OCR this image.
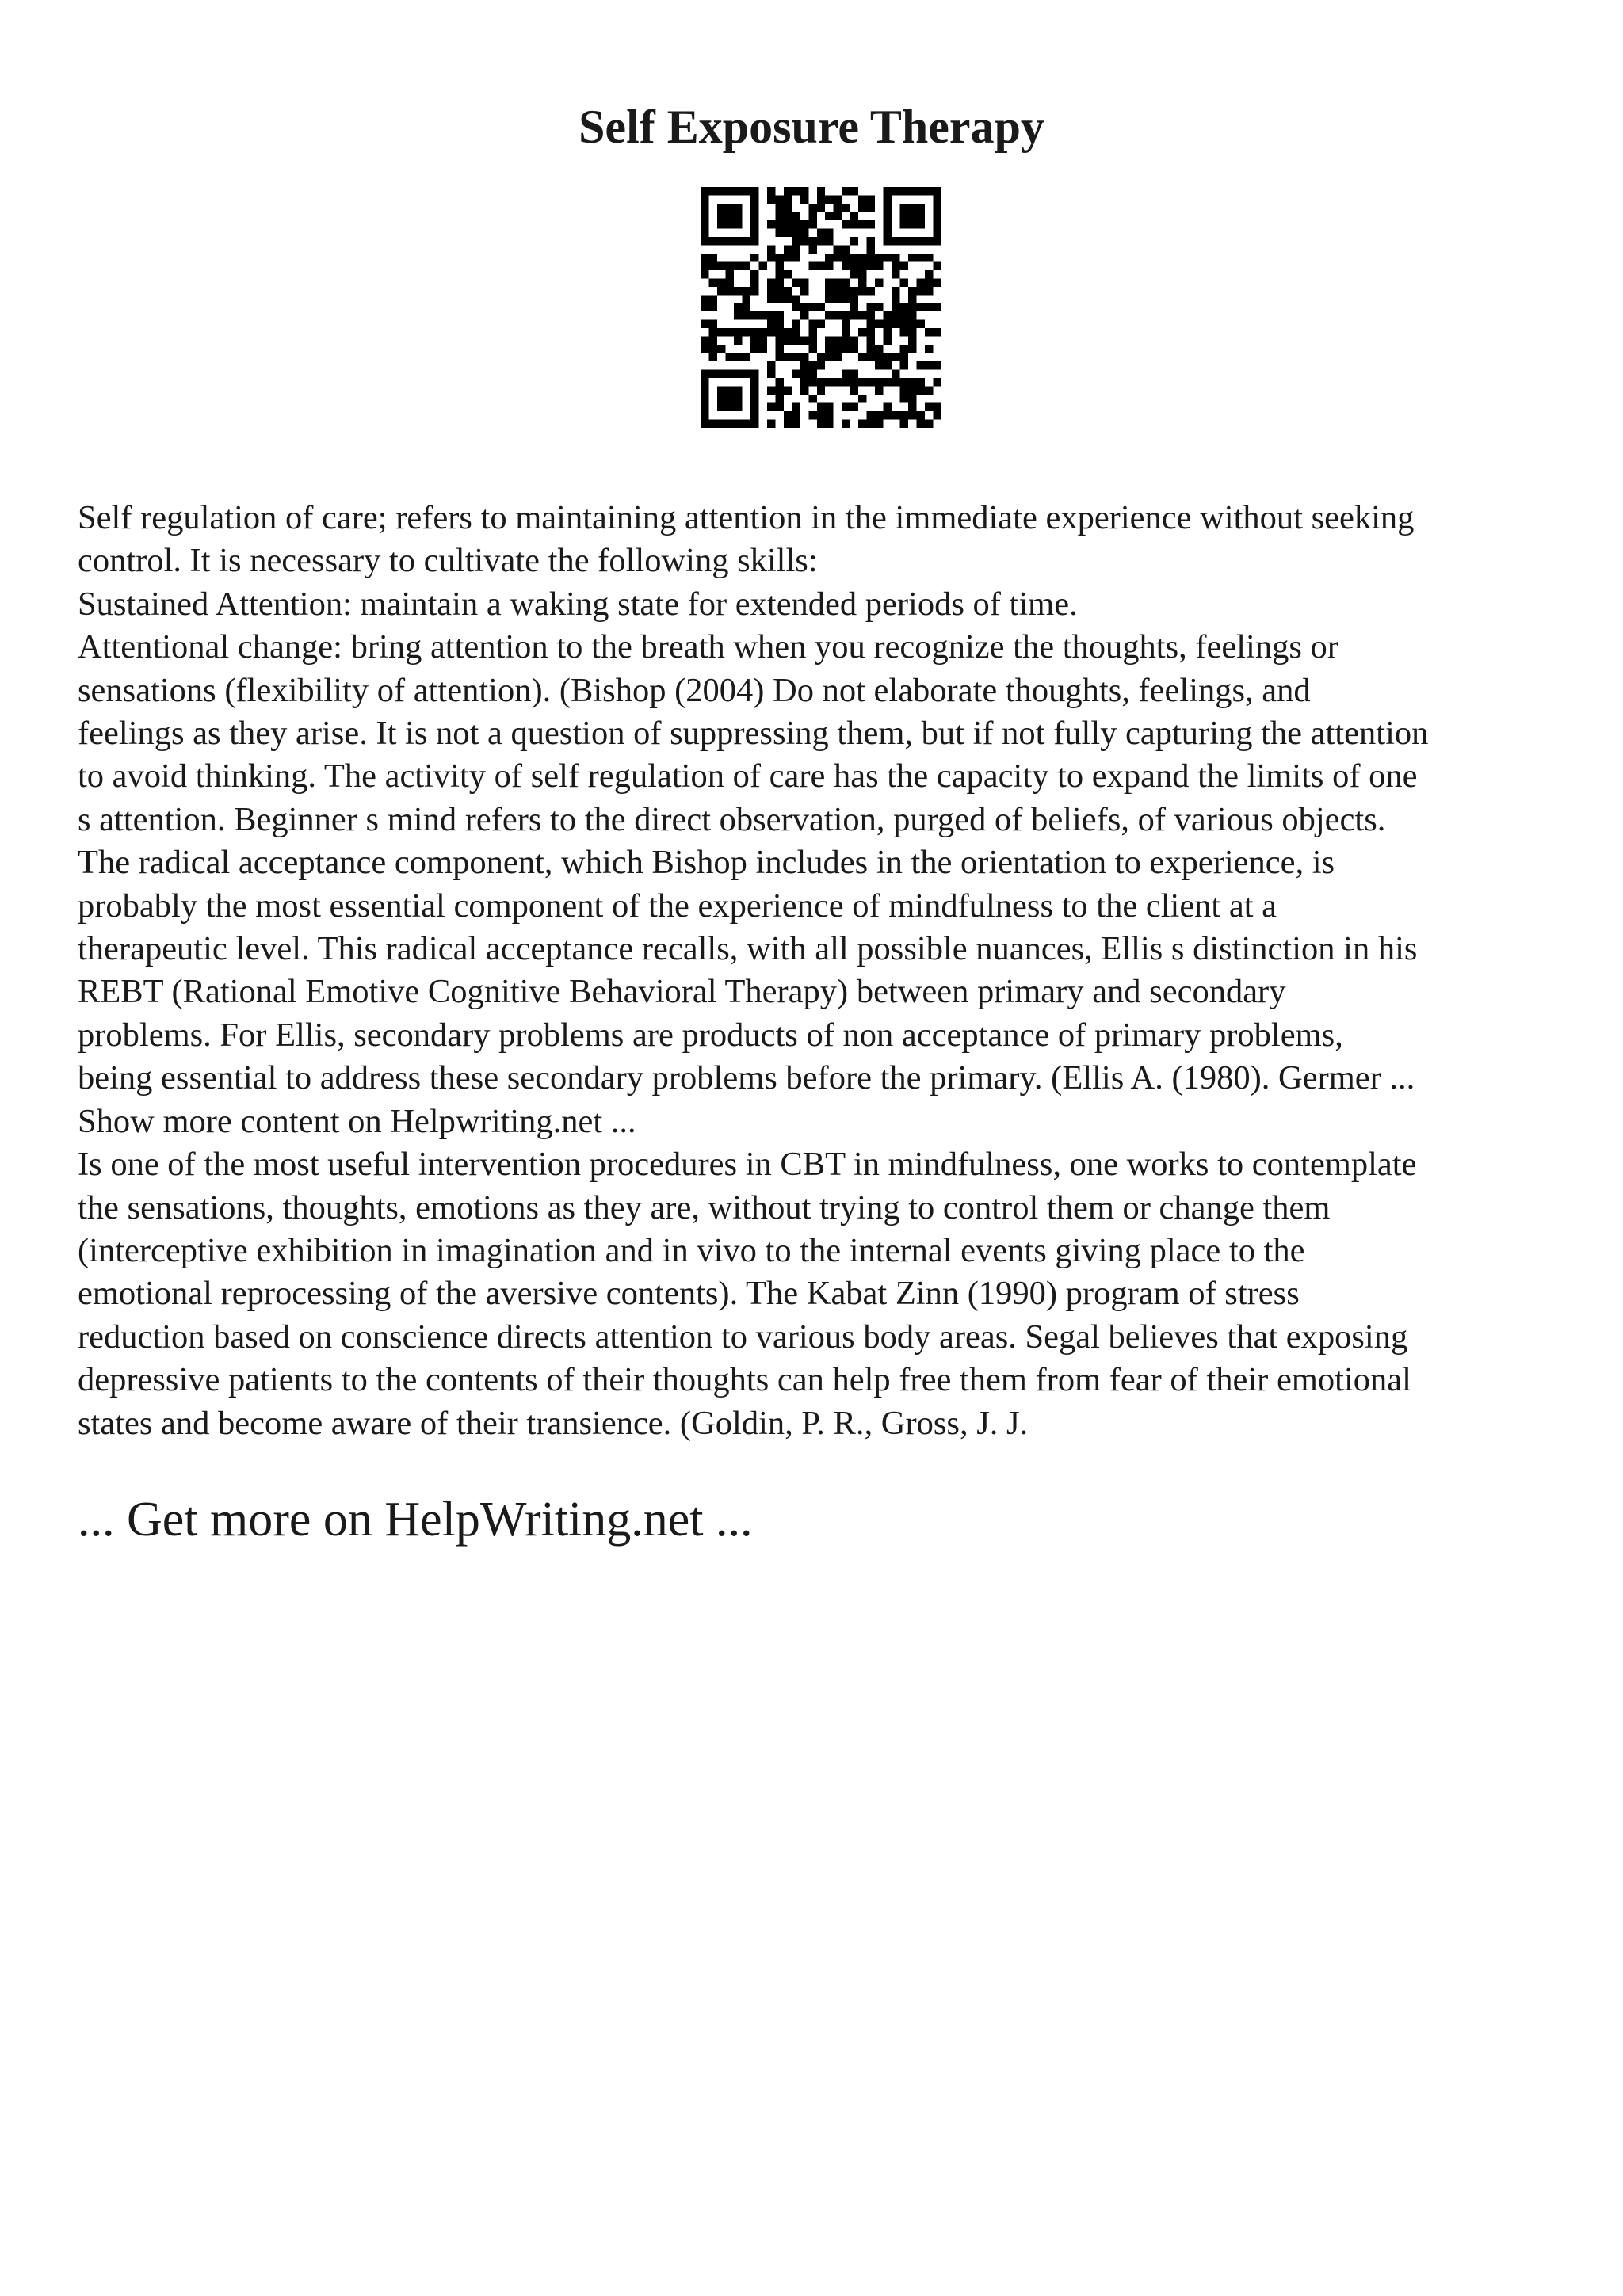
Self Exposure Therapy
Self regulation of care; refers to maintaining attention in the immediate experience without seeking
control. It is necessary to cultivate the following skills:
Sustained Attention: maintain a waking state for extended periods of time.
Attentional change: bring attention to the breath when you recognize the thoughts, feelings or
sensations (flexibility of attention). (Bishop (2004) Do not elaborate thoughts, feelings, and
feelings as they arise. It is not a question of suppressing them, but if not fully capturing the attention
to avoid thinking. The activity of self regulation of care has the capacity to expand the limits of one
s attention. Beginner s mind refers to the direct observation, purged of beliefs, of various objects.
The radical acceptance component, which Bishop includes in the orientation to experience, is
probably the most essential component of the experience of mindfulness to the client at a
therapeutic level. This radical acceptance recalls, with all possible nuances, Ellis s distinction in his
REBT (Rational Emotive Cognitive Behavioral Therapy) between primary and secondary
problems. For Ellis, secondary problems are products of non acceptance of primary problems,
being essential to address these secondary problems before the primary. (Ellis A. (1980). Germer ...
Show more content on Helpwriting.net ...
Is one of the most useful intervention procedures in CBT in mindfulness, one works to contemplate
the sensations, thoughts, emotions as they are, without trying to control them or change them
(interceptive exhibition in imagination and in vivo to the internal events giving place to the
emotional reprocessing of the aversive contents). The Kabat Zinn (1990) program of stress
reduction based on conscience directs attention to various body areas. Segal believes that exposing
depressive patients to the contents of their thoughts can help free them from fear of their emotional
states and become aware of their transience. (Goldin, P. R., Gross, J. J.
... Get more on HelpWriting.net ...
